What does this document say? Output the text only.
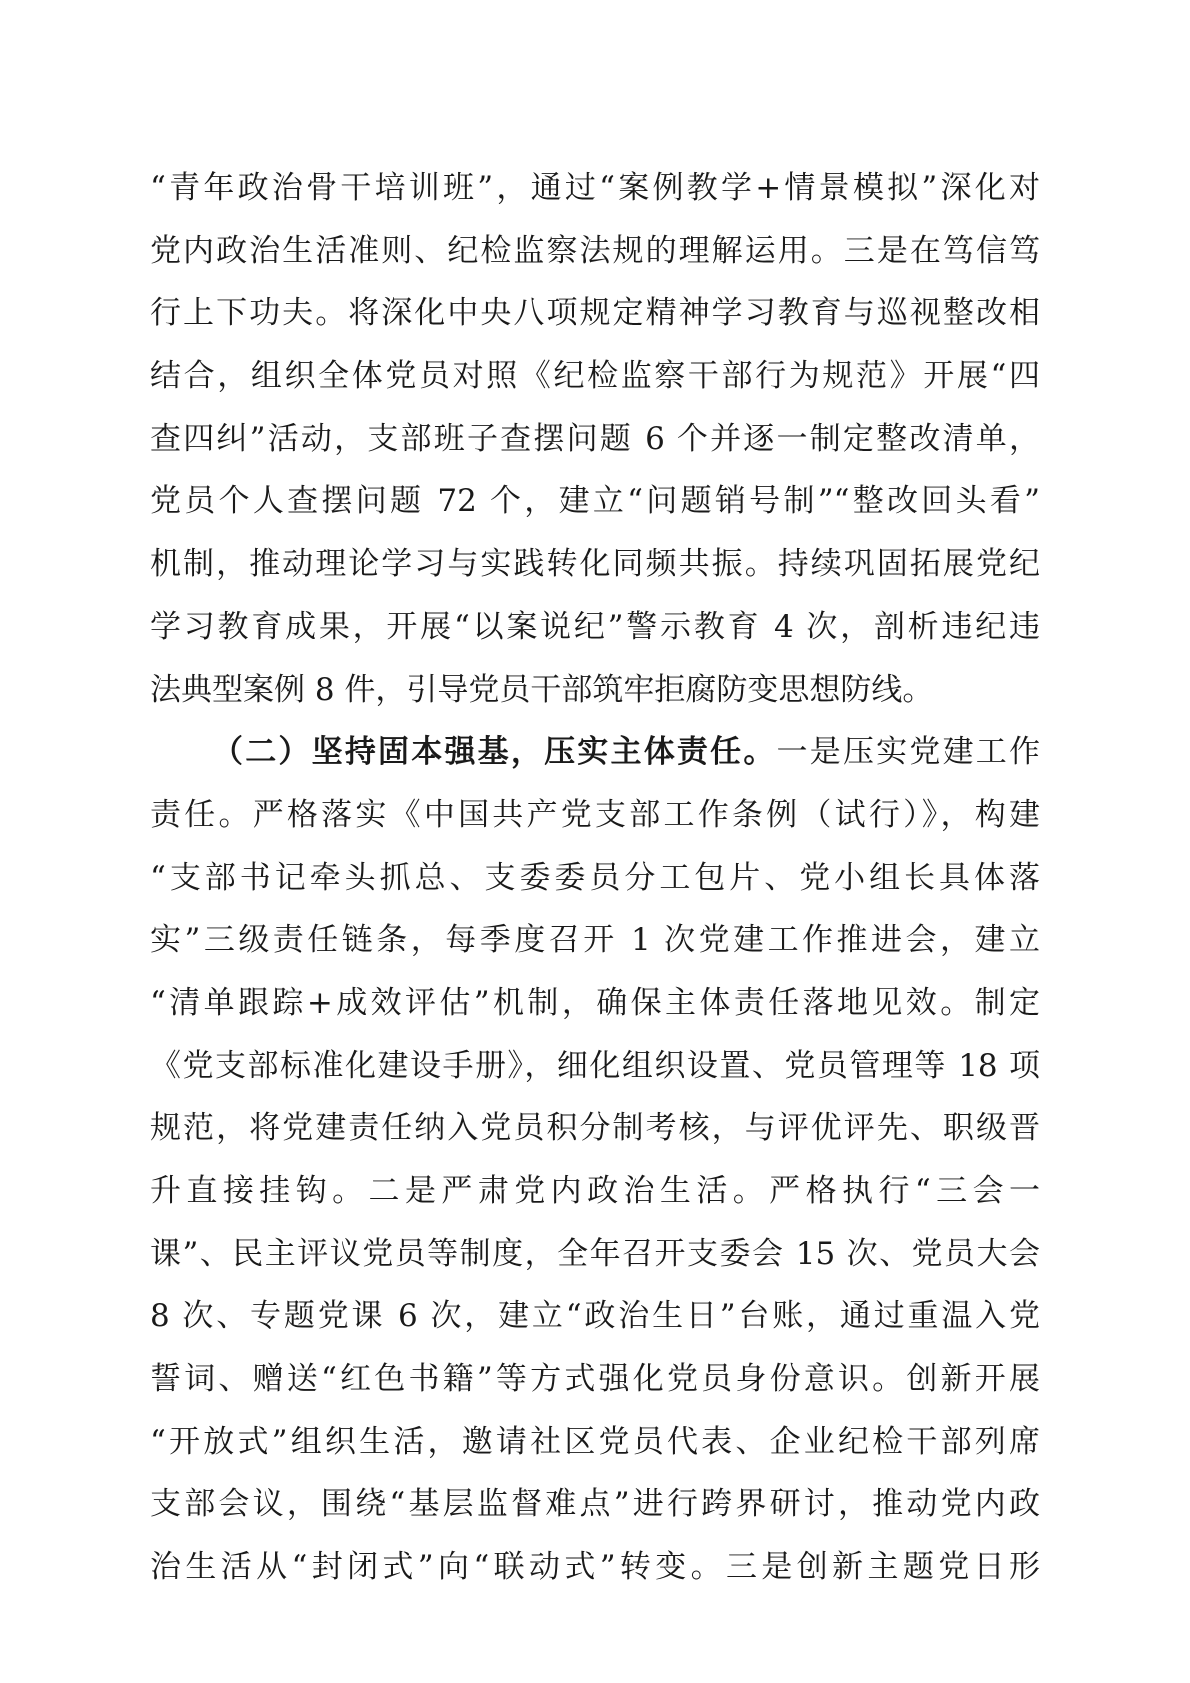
“青年政治骨干培训班”，通过“案例教学+情景模拟”深化对
党内政治生活准则、纪检监察法规的理解运用。三是在笃信笃
行上下功夫。将深化中央八项规定精神学习教育与巡视整改相
结合，组织全体党员对照《纪检监察干部行为规范》开展“四
查四纠”活动，支部班子查摆问题 6 个并逐一制定整改清单，
党员个人查摆问题 72 个，建立“问题销号制”“整改回头看”
机制，推动理论学习与实践转化同频共振。持续巩固拓展党纪
学习教育成果，开展“以案说纪”警示教育 4 次，剖析违纪违
法典型案例 8 件，引导党员干部筑牢拒腐防变思想防线。
（二）坚持固本强基，压实主体责任。一是压实党建工作
责任。严格落实《中国共产党支部工作条例（试行）》，构建
“支部书记牵头抓总、支委委员分工包片、党小组长具体落
实”三级责任链条，每季度召开 1 次党建工作推进会，建立
“清单跟踪+成效评估”机制，确保主体责任落地见效。制定
《党支部标准化建设手册》，细化组织设置、党员管理等 18 项
规范，将党建责任纳入党员积分制考核，与评优评先、职级晋
升直接挂钩。二是严肃党内政治生活。严格执行“三会一
课”、民主评议党员等制度，全年召开支委会 15 次、党员大会
8 次、专题党课 6 次，建立“政治生日”台账，通过重温入党
誓词、赠送“红色书籍”等方式强化党员身份意识。创新开展
“开放式”组织生活，邀请社区党员代表、企业纪检干部列席
支部会议，围绕“基层监督难点”进行跨界研讨，推动党内政
治生活从“封闭式”向“联动式”转变。三是创新主题党日形
